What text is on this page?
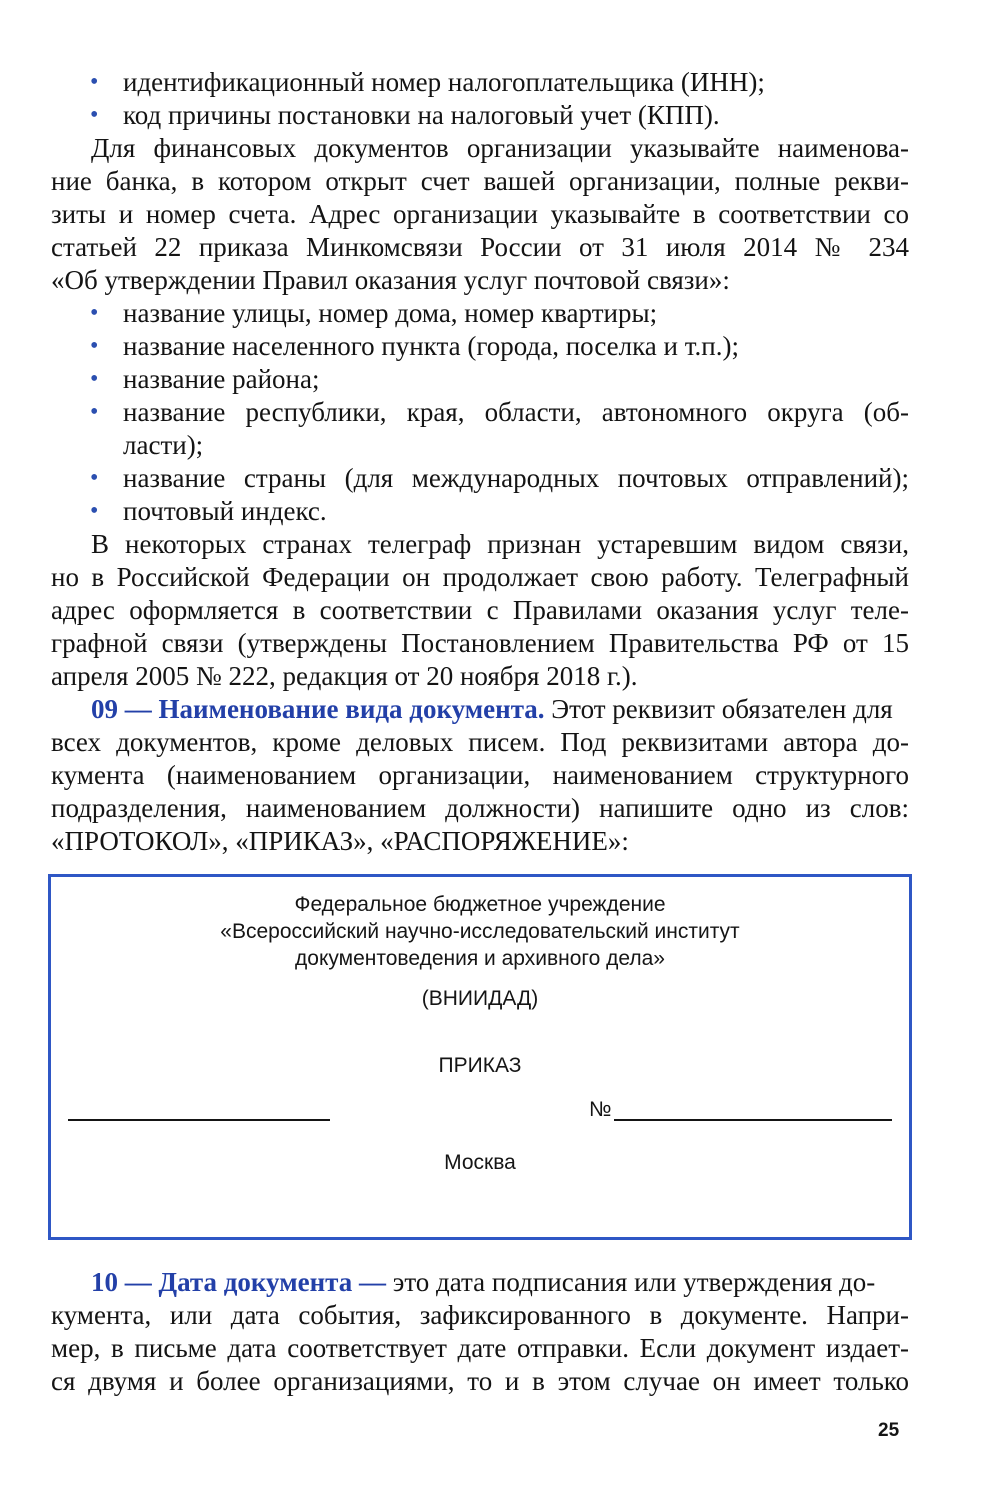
• идентификационный номер налогоплательщика (ИНН);
• код причины постановки на налоговый учет (КПП).
Для финансовых документов организации указывайте наименова-
ние банка, в котором открыт счет вашей организации, полные рекви-
зиты и номер счета. Адрес организации указывайте в соответствии со
статьей 22 приказа Минкомсвязи России от 31 июля 2014 № 234
«Об утверждении Правил оказания услуг почтовой связи»:
• название улицы, номер дома, номер квартиры;
• название населенного пункта (города, поселка и т.п.);
• название района;
• название республики, края, области, автономного округа (об-
ласти);
• название страны (для международных почтовых отправлений);
• почтовый индекс.
В некоторых странах телеграф признан устаревшим видом связи,
но в Российской Федерации он продолжает свою работу. Телеграфный
адрес оформляется в соответствии с Правилами оказания услуг теле-
графной связи (утверждены Постановлением Правительства РФ от 15
апреля 2005 № 222, редакция от 20 ноября 2018 г.).
09 — Наименование вида документа. Этот реквизит обязателен для
всех документов, кроме деловых писем. Под реквизитами автора до-
кумента (наименованием организации, наименованием структурного
подразделения, наименованием должности) напишите одно из слов:
«ПРОТОКОЛ», «ПРИКАЗ», «РАСПОРЯЖЕНИЕ»:
Федеральное бюджетное учреждение
«Всероссийский научно-исследовательский институт
документоведения и архивного дела»
(ВНИИДАД)
ПРИКАЗ
№
Москва
10 — Дата документа — это дата подписания или утверждения до-
кумента, или дата события, зафиксированного в документе. Напри-
мер, в письме дата соответствует дате отправки. Если документ издает-
ся двумя и более организациями, то и в этом случае он имеет только
25
